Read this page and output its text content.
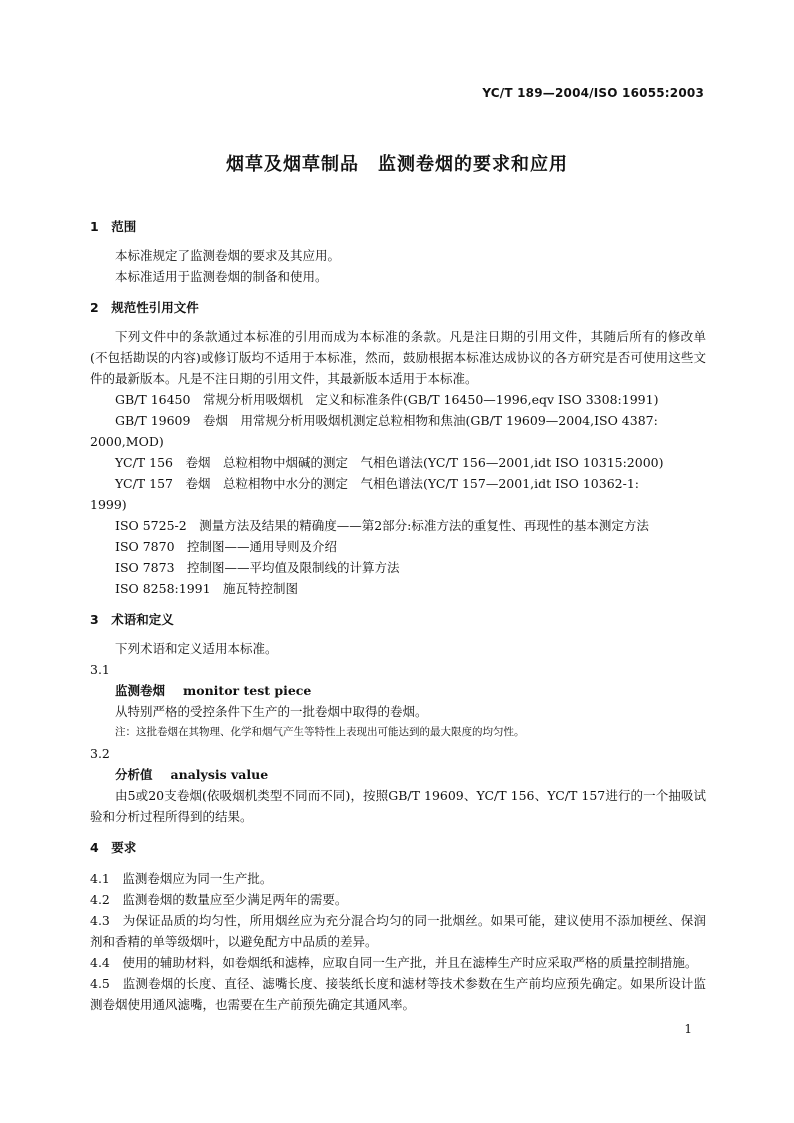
YC/T 189—2004/ISO 16055:2003
烟草及烟草制品　监测卷烟的要求和应用

1　范围

本标准规定了监测卷烟的要求及其应用。

本标准适用于监测卷烟的制备和使用。

2　规范性引用文件

下列文件中的条款通过本标准的引用而成为本标准的条款。凡是注日期的引用文件，其随后所有的修改单(不包括勘误的内容)或修订版均不适用于本标准，然而，鼓励根据本标准达成协议的各方研究是否可使用这些文件的最新版本。凡是不注日期的引用文件，其最新版本适用于本标准。

GB/T 16450　常规分析用吸烟机　定义和标准条件(GB/T 16450—1996,eqv ISO 3308:1991)

GB/T 19609　卷烟　用常规分析用吸烟机测定总粒相物和焦油(GB/T 19609—2004,ISO 4387:

2000,MOD)

YC/T 156　卷烟　总粒相物中烟碱的测定　气相色谱法(YC/T 156—2001,idt ISO 10315:2000)

YC/T 157　卷烟　总粒相物中水分的测定　气相色谱法(YC/T 157—2001,idt ISO 10362-1:

1999)

ISO 5725-2　测量方法及结果的精确度——第2部分:标准方法的重复性、再现性的基本测定方法

ISO 7870　控制图——通用导则及介绍

ISO 7873　控制图——平均值及限制线的计算方法

ISO 8258:1991　施瓦特控制图

3　术语和定义

下列术语和定义适用本标准。

3.1

监测卷烟 monitor test piece

从特别严格的受控条件下生产的一批卷烟中取得的卷烟。

注：这批卷烟在其物理、化学和烟气产生等特性上表现出可能达到的最大限度的均匀性。

3.2

分析值 analysis value

由5或20支卷烟(依吸烟机类型不同而不同)，按照GB/T 19609、YC/T 156、YC/T 157进行的一个抽吸试验和分析过程所得到的结果。

4　要求

4.1　监测卷烟应为同一生产批。

4.2　监测卷烟的数量应至少满足两年的需要。

4.3　为保证品质的均匀性，所用烟丝应为充分混合均匀的同一批烟丝。如果可能，建议使用不添加梗丝、保润剂和香精的单等级烟叶，以避免配方中品质的差异。

4.4　使用的辅助材料，如卷烟纸和滤棒，应取自同一生产批，并且在滤棒生产时应采取严格的质量控制措施。

4.5　监测卷烟的长度、直径、滤嘴长度、接装纸长度和滤材等技术参数在生产前均应预先确定。如果所设计监测卷烟使用通风滤嘴，也需要在生产前预先确定其通风率。

1
